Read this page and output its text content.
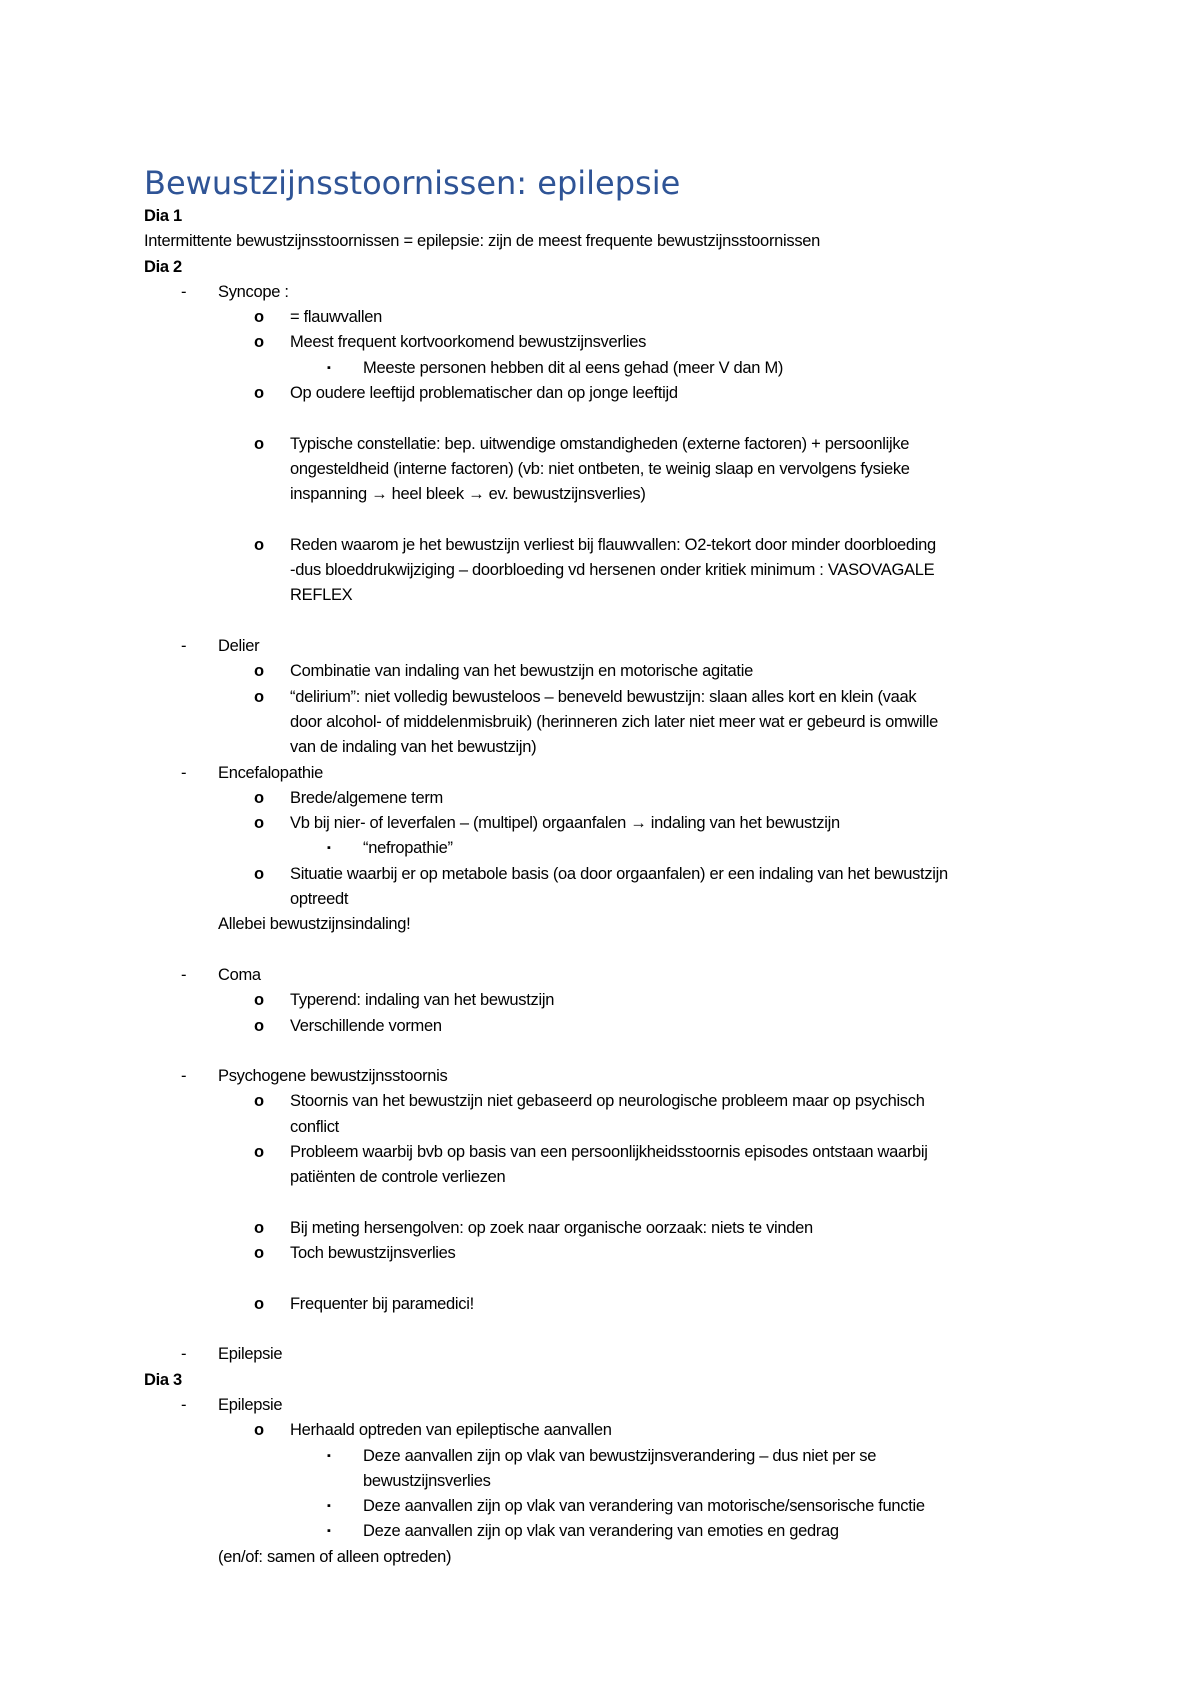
Bewustzijnsstoornissen: epilepsie
Dia 1
Intermittente bewustzijnsstoornissen = epilepsie: zijn de meest frequente bewustzijnsstoornissen
Dia 2
- Syncope :
o = flauwvallen
o Meest frequent kortvoorkomend bewustzijnsverlies
▪ Meeste personen hebben dit al eens gehad (meer V dan M)
o Op oudere leeftijd problematischer dan op jonge leeftijd
o Typische constellatie: bep. uitwendige omstandigheden (externe factoren) + persoonlijke
ongesteldheid (interne factoren) (vb: niet ontbeten, te weinig slaap en vervolgens fysieke
inspanning → heel bleek → ev. bewustzijnsverlies)
o Reden waarom je het bewustzijn verliest bij flauwvallen: O2-tekort door minder doorbloeding
-dus bloeddrukwijziging – doorbloeding vd hersenen onder kritiek minimum : VASOVAGALE
REFLEX
- Delier
o Combinatie van indaling van het bewustzijn en motorische agitatie
o “delirium”: niet volledig bewusteloos – beneveld bewustzijn: slaan alles kort en klein (vaak
door alcohol- of middelenmisbruik) (herinneren zich later niet meer wat er gebeurd is omwille
van de indaling van het bewustzijn)
- Encefalopathie
o Brede/algemene term
o Vb bij nier- of leverfalen – (multipel) orgaanfalen → indaling van het bewustzijn
▪ “nefropathie”
o Situatie waarbij er op metabole basis (oa door orgaanfalen) er een indaling van het bewustzijn
optreedt
Allebei bewustzijnsindaling!
- Coma
o Typerend: indaling van het bewustzijn
o Verschillende vormen
- Psychogene bewustzijnsstoornis
o Stoornis van het bewustzijn niet gebaseerd op neurologische probleem maar op psychisch
conflict
o Probleem waarbij bvb op basis van een persoonlijkheidsstoornis episodes ontstaan waarbij
patiënten de controle verliezen
o Bij meting hersengolven: op zoek naar organische oorzaak: niets te vinden
o Toch bewustzijnsverlies
o Frequenter bij paramedici!
- Epilepsie
Dia 3
- Epilepsie
o Herhaald optreden van epileptische aanvallen
▪ Deze aanvallen zijn op vlak van bewustzijnsverandering – dus niet per se
bewustzijnsverlies
▪ Deze aanvallen zijn op vlak van verandering van motorische/sensorische functie
▪ Deze aanvallen zijn op vlak van verandering van emoties en gedrag
(en/of: samen of alleen optreden)
